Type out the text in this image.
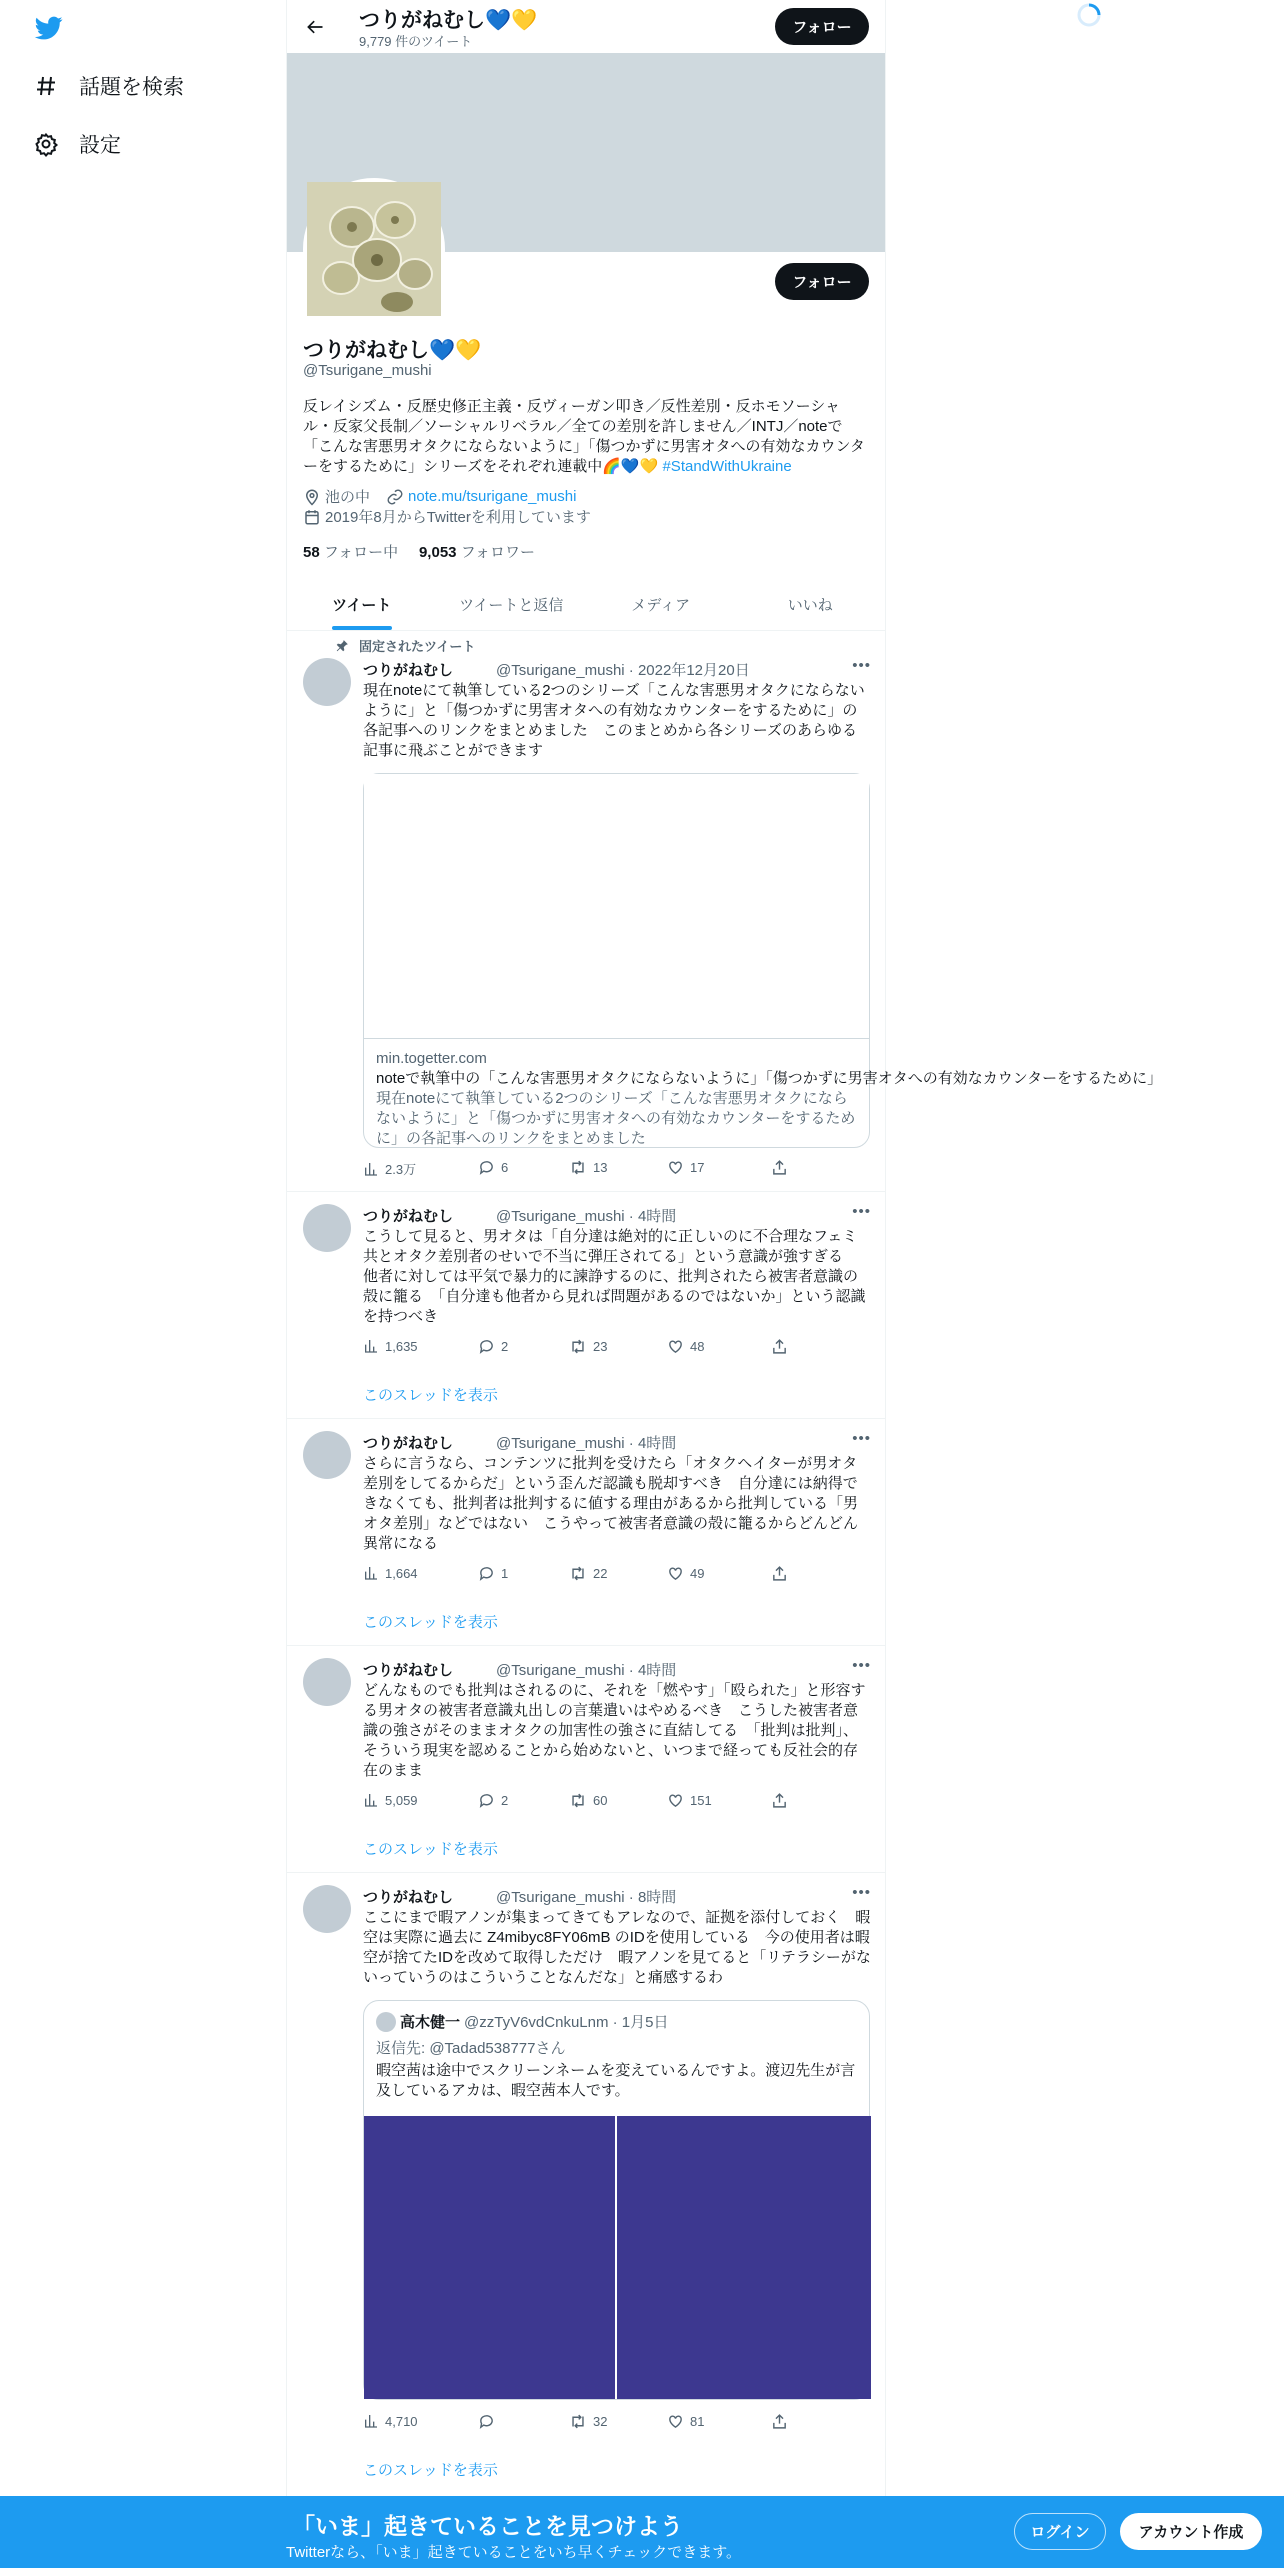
話題を検索
設定
つりがねむし💙💛
9,779 件のツイート
フォロー
フォロー
つりがねむし💙💛
@Tsurigane_mushi
反レイシズム・反歴史修正主義・反ヴィーガン叩き／反性差別・反ホモソーシャル・反家父長制／ソーシャルリベラル／全ての差別を許しません／INTJ／noteで「こんな害悪男オタクにならないように」「傷つかずに男害オタへの有効なカウンターをするために」シリーズをそれぞれ連載中🌈💙💛 #StandWithUkraine
池の中	note.mu/tsurigane_mushi
2019年8月からTwitterを利用しています
58 フォロー中 9,053 フォロワー
ツイート	ツイートと返信	メディア	いいね
固定されたツイート
つりがねむし	@Tsurigane_mushi · 2022年12月20日	•••
現在noteにて執筆している2つのシリーズ「こんな害悪男オタクにならないように」と「傷つかずに男害オタへの有効なカウンターをするために」の各記事へのリンクをまとめました　このまとめから各シリーズのあらゆる記事に飛ぶことができます
min.togetter.com
noteで執筆中の「こんな害悪男オタクにならないように」「傷つかずに男害オタへの有効なカウンターをするために」
現在noteにて執筆している2つのシリーズ「こんな害悪男オタクにならないように」と「傷つかずに男害オタへの有効なカウンターをするために」の各記事へのリンクをまとめました
2.3万	6	13	17
つりがねむし	@Tsurigane_mushi · 4時間	•••
こうして見ると、男オタは「自分達は絶対的に正しいのに不合理なフェミ共とオタク差別者のせいで不当に弾圧されてる」という意識が強すぎる　他者に対しては平気で暴力的に諫諍するのに、批判されたら被害者意識の殻に籠る　「自分達も他者から見れば問題があるのではないか」という認識を持つべき
1,635	2	23	48
このスレッドを表示
つりがねむし	@Tsurigane_mushi · 4時間	•••
さらに言うなら、コンテンツに批判を受けたら「オタクヘイターが男オタ差別をしてるからだ」という歪んだ認識も脱却すべき　自分達には納得できなくても、批判者は批判するに値する理由があるから批判している「男オタ差別」などではない　こうやって被害者意識の殻に籠るからどんどん異常になる
1,664	1	22	49
このスレッドを表示
つりがねむし	@Tsurigane_mushi · 4時間	•••
どんなものでも批判はされるのに、それを「燃やす」「殴られた」と形容する男オタの被害者意識丸出しの言葉遣いはやめるべき　こうした被害者意識の強さがそのままオタクの加害性の強さに直結してる　「批判は批判」、そういう現実を認めることから始めないと、いつまで経っても反社会的存在のまま
5,059	2	60	151
このスレッドを表示
つりがねむし	@Tsurigane_mushi · 8時間	•••
ここにまで暇アノンが集まってきてもアレなので、証拠を添付しておく　暇空は実際に過去に Z4mibyc8FY06mB のIDを使用している　今の使用者は暇空が捨てたIDを改めて取得しただけ　暇アノンを見てると「リテラシーがないっていうのはこういうことなんだな」と痛感するわ
高木健一 @zzTyV6vdCnkuLnm · 1月5日
返信先: @Tadad538777さん
暇空茜は途中でスクリーンネームを変えているんですよ。渡辺先生が言及しているアカは、暇空茜本人です。
4,710	32	81
このスレッドを表示
「いま」起きていることを見つけよう
Twitterなら、「いま」起きていることをいち早くチェックできます。
ログイン	アカウント作成
